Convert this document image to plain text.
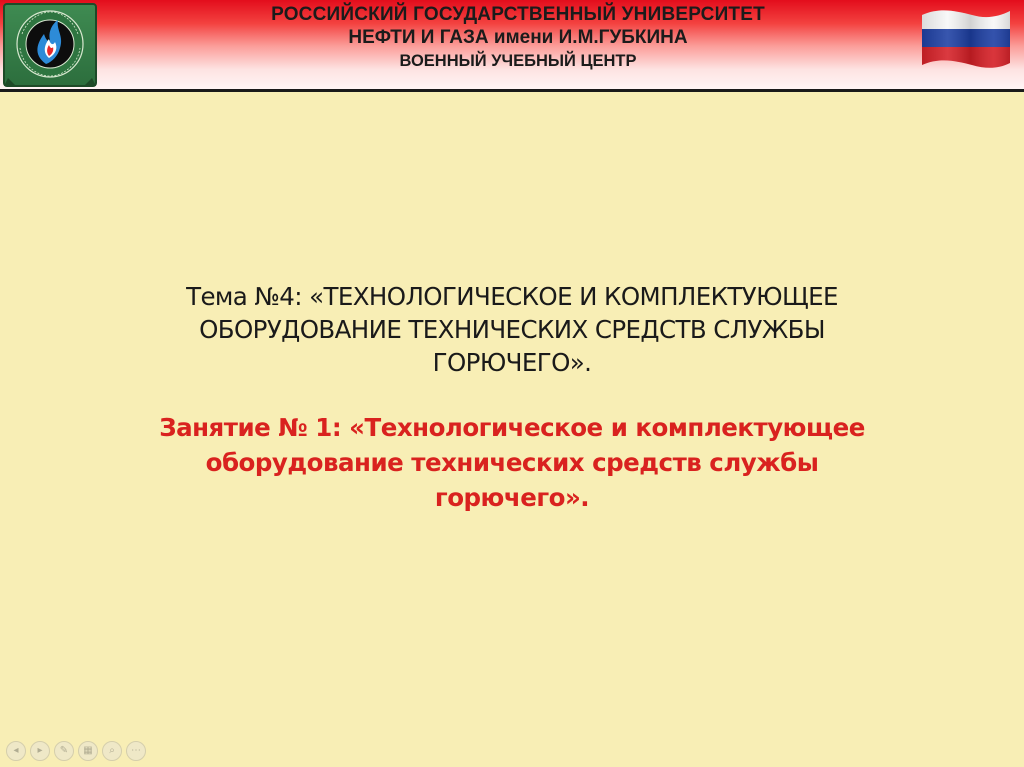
РОССИЙСКИЙ ГОСУДАРСТВЕННЫЙ УНИВЕРСИТЕТ
НЕФТИ И ГАЗА имени И.М.ГУБКИНА
ВОЕННЫЙ УЧЕБНЫЙ ЦЕНТР
Тема №4: «ТЕХНОЛОГИЧЕСКОЕ И КОМПЛЕКТУЮЩЕЕ ОБОРУДОВАНИЕ ТЕХНИЧЕСКИХ СРЕДСТВ СЛУЖБЫ ГОРЮЧЕГО».
Занятие № 1: «Технологическое и комплектующее оборудование технических средств службы горючего».
◂	▸	✎	▦	⌕	⋯
